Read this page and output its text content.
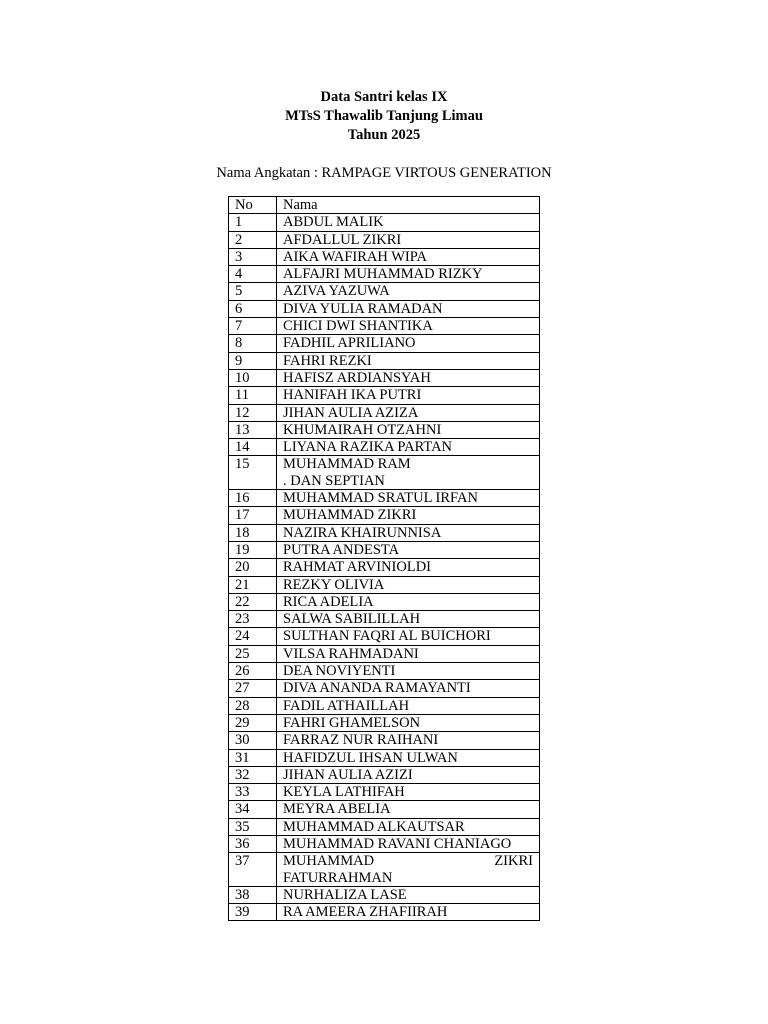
Data Santri kelas IX
MTsS Thawalib Tanjung Limau
Tahun 2025
Nama Angkatan : RAMPAGE VIRTOUS GENERATION
No	Nama
1	ABDUL MALIK

2	AFDALLUL ZIKRI

3	AIKA WAFIRAH WIPA

4	ALFAJRI MUHAMMAD RIZKY

5	AZIVA YAZUWA

6	DIVA YULIA RAMADAN

7	CHICI DWI SHANTIKA

8	FADHIL APRILIANO

9	FAHRI REZKI

10	HAFISZ ARDIANSYAH

11	HANIFAH IKA PUTRI

12	JIHAN AULIA AZIZA

13	KHUMAIRAH OTZAHNI

14	LIYANA RAZIKA PARTAN

15	MUHAMMAD RAM
. DAN SEPTIAN

16	MUHAMMAD SRATUL IRFAN

17	MUHAMMAD ZIKRI

18	NAZIRA KHAIRUNNISA

19	PUTRA ANDESTA

20	RAHMAT ARVINIOLDI

21	REZKY OLIVIA

22	RICA ADELIA

23	SALWA SABILILLAH

24	SULTHAN FAQRI AL BUICHORI

25	VILSA RAHMADANI

26	DEA NOVIYENTI

27	DIVA ANANDA RAMAYANTI

28	FADIL ATHAILLAH

29	FAHRI GHAMELSON

30	FARRAZ NUR RAIHANI

31	HAFIDZUL IHSAN ULWAN

32	JIHAN AULIA AZIZI

33	KEYLA LATHIFAH

34	MEYRA ABELIA

35	MUHAMMAD ALKAUTSAR

36	MUHAMMAD RAVANI CHANIAGO

37	MUHAMMAD ZIKRI
FATURRAHMAN

38	NURHALIZA LASE

39	RA AMEERA ZHAFIIRAH
